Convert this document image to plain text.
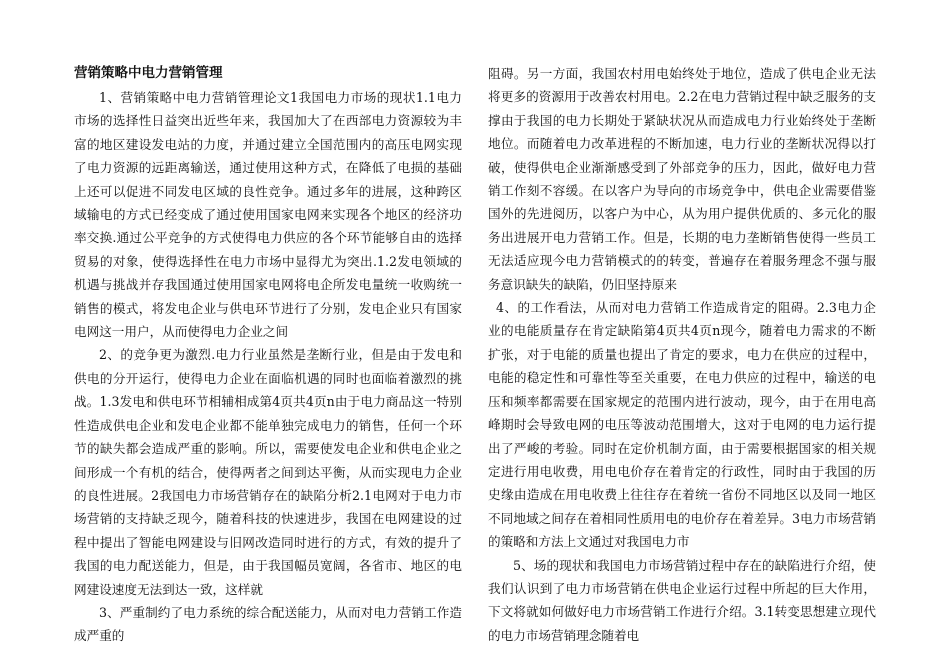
营销策略中电力营销管理

1、营销策略中电力营销管理论文1我国电力市场的现状1.1电力市场的选择性日益突出近些年来，我国加大了在西部电力资源较为丰富的地区建设发电站的力度，并通过建立全国范围内的高压电网实现了电力资源的远距离输送，通过使用这种方式，在降低了电损的基础上还可以促进不同发电区域的良性竞争。通过多年的进展，这种跨区域输电的方式已经变成了通过使用国家电网来实现各个地区的经济功率交换.通过公平竞争的方式使得电力供应的各个环节能够自由的选择贸易的对象，使得选择性在电力市场中显得尤为突出.1.2发电领域的机遇与挑战并存我国通过使用国家电网将电企所发电量统一收购统一销售的模式，将发电企业与供电环节进行了分别，发电企业只有国家电网这一用户，从而使得电力企业之间

2、的竞争更为激烈.电力行业虽然是垄断行业，但是由于发电和供电的分开运行，使得电力企业在面临机遇的同时也面临着激烈的挑战。1.3发电和供电环节相辅相成第4页共4页n由于电力商品这一特别性造成供电企业和发电企业都不能单独完成电力的销售，任何一个环节的缺失都会造成严重的影响。所以，需要使发电企业和供电企业之间形成一个有机的结合，使得两者之间到达平衡，从而实现电力企业的良性进展。2我国电力市场营销存在的缺陷分析2.1电网对于电力市场营销的支持缺乏现今，随着科技的快速进步，我国在电网建设的过程中提出了智能电网建设与旧网改造同时进行的方式，有效的提升了我国的电力配送能力，但是，由于我国幅员宽阔，各省市、地区的电网建设速度无法到达一致，这样就

3、严重制约了电力系统的综合配送能力，从而对电力营销工作造成严重的

阻碍。另一方面，我国农村用电始终处于地位，造成了供电企业无法将更多的资源用于改善农村用电。2.2在电力营销过程中缺乏服务的支撑由于我国的电力长期处于紧缺状况从而造成电力行业始终处于垄断地位。而随着电力改革进程的不断加速，电力行业的垄断状况得以打破，使得供电企业渐渐感受到了外部竞争的压力，因此，做好电力营销工作刻不容缓。在以客户为导向的市场竞争中，供电企业需要借鉴国外的先进阅历，以客户为中心，从为用户提供优质的、多元化的服务出进展开电力营销工作。但是，长期的电力垄断销售使得一些员工无法适应现今电力营销模式的的转变，普遍存在着服务理念不强与服务意识缺失的缺陷，仍旧坚持原来

4、的工作看法，从而对电力营销工作造成肯定的阻碍。2.3电力企业的电能质量存在肯定缺陷第4页共4页n现今，随着电力需求的不断扩张，对于电能的质量也提出了肯定的要求，电力在供应的过程中，电能的稳定性和可靠性等至关重要，在电力供应的过程中，输送的电压和频率都需要在国家规定的范围内进行波动，现今，由于在用电高峰期时会导致电网的电压等波动范围增大，这对于电网的电力运行提出了严峻的考验。同时在定价机制方面，由于需要根据国家的相关规定进行用电收费，用电电价存在着肯定的行政性，同时由于我国的历史缘由造成在用电收费上往往存在着统一省份不同地区以及同一地区不同地域之间存在着相同性质用电的电价存在着差异。3电力市场营销的策略和方法上文通过对我国电力市

5、场的现状和我国电力市场营销过程中存在的缺陷进行介绍，使我们认识到了电力市场营销在供电企业运行过程中所起的巨大作用，下文将就如何做好电力市场营销工作进行介绍。3.1转变思想建立现代的电力市场营销理念随着电
